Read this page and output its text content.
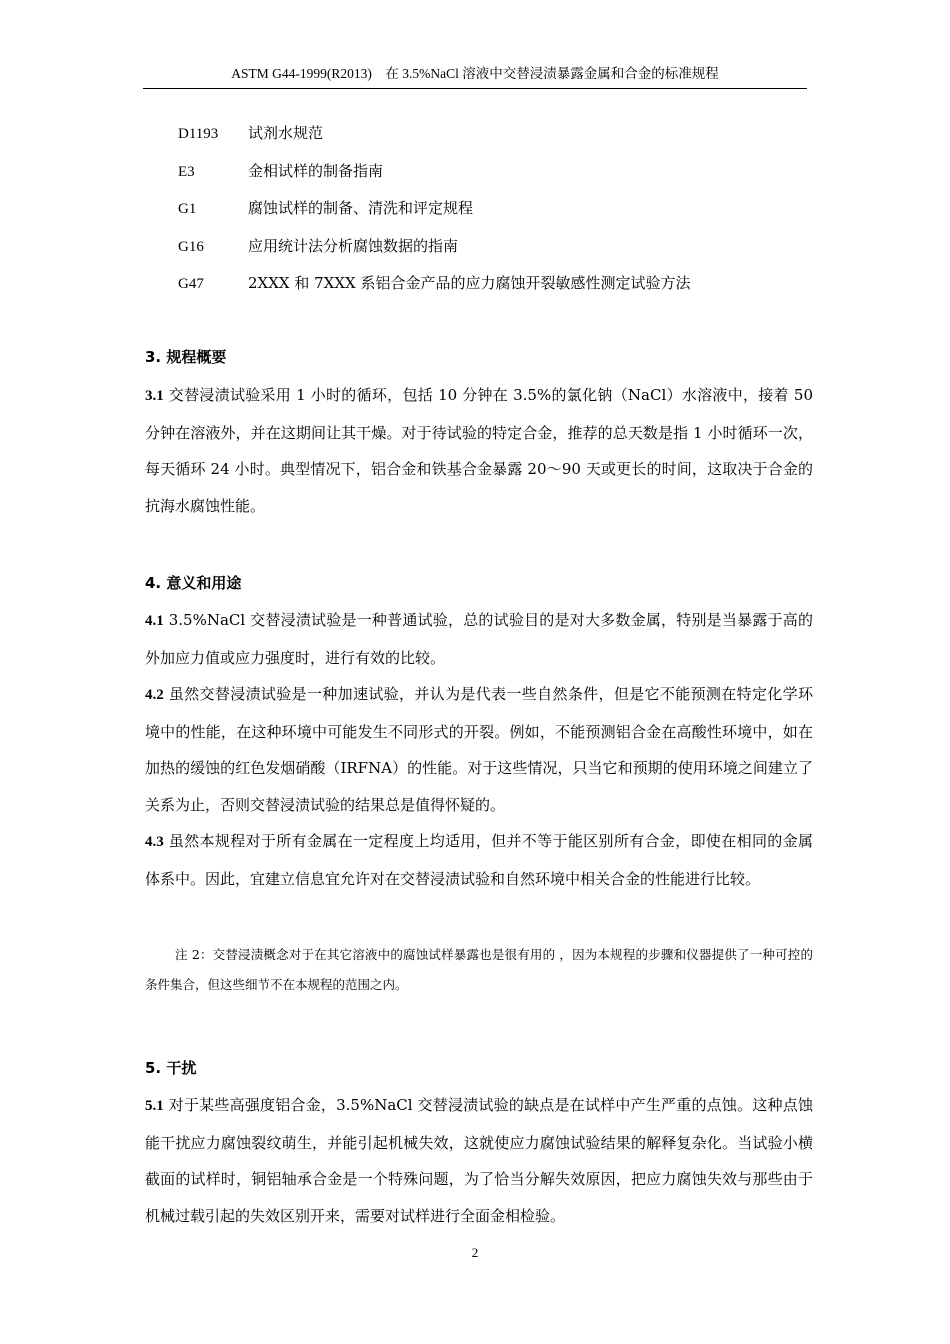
ASTM G44-1999(R2013)　在 3.5%NaCl 溶液中交替浸渍暴露金属和合金的标准规程
D1193 试剂水规范
E3	金相试样的制备指南
G1	腐蚀试样的制备、清洗和评定规程
G16	应用统计法分析腐蚀数据的指南
G47	2XXX 和 7XXX 系铝合金产品的应力腐蚀开裂敏感性测定试验方法
3. 规程概要
3.1 交替浸渍试验采用 1 小时的循环，包括 10 分钟在 3.5%的氯化钠（NaCl）水溶液中，接着 50 分钟在溶液外，并在这期间让其干燥。对于待试验的特定合金，推荐的总天数是指 1 小时循环一次，每天循环 24 小时。典型情况下，铝合金和铁基合金暴露 20～90 天或更长的时间，这取决于合金的抗海水腐蚀性能。
4. 意义和用途
4.1 3.5%NaCl 交替浸渍试验是一种普通试验，总的试验目的是对大多数金属，特别是当暴露于高的外加应力值或应力强度时，进行有效的比较。
4.2 虽然交替浸渍试验是一种加速试验，并认为是代表一些自然条件，但是它不能预测在特定化学环境中的性能，在这种环境中可能发生不同形式的开裂。例如，不能预测铝合金在高酸性环境中，如在加热的缓蚀的红色发烟硝酸（IRFNA）的性能。对于这些情况，只当它和预期的使用环境之间建立了关系为止，否则交替浸渍试验的结果总是值得怀疑的。
4.3 虽然本规程对于所有金属在一定程度上均适用，但并不等于能区别所有合金，即使在相同的金属体系中。因此，宜建立信息宜允许对在交替浸渍试验和自然环境中相关合金的性能进行比较。
注 2：交替浸渍概念对于在其它溶液中的腐蚀试样暴露也是很有用的 ，因为本规程的步骤和仪器提供了一种可控的条件集合，但这些细节不在本规程的范围之内。
5. 干扰
5.1 对于某些高强度铝合金，3.5%NaCl 交替浸渍试验的缺点是在试样中产生严重的点蚀。这种点蚀能干扰应力腐蚀裂纹萌生，并能引起机械失效，这就使应力腐蚀试验结果的解释复杂化。当试验小横截面的试样时，铜铝轴承合金是一个特殊问题，为了恰当分解失效原因，把应力腐蚀失效与那些由于机械过载引起的失效区别开来，需要对试样进行全面金相检验。
2
